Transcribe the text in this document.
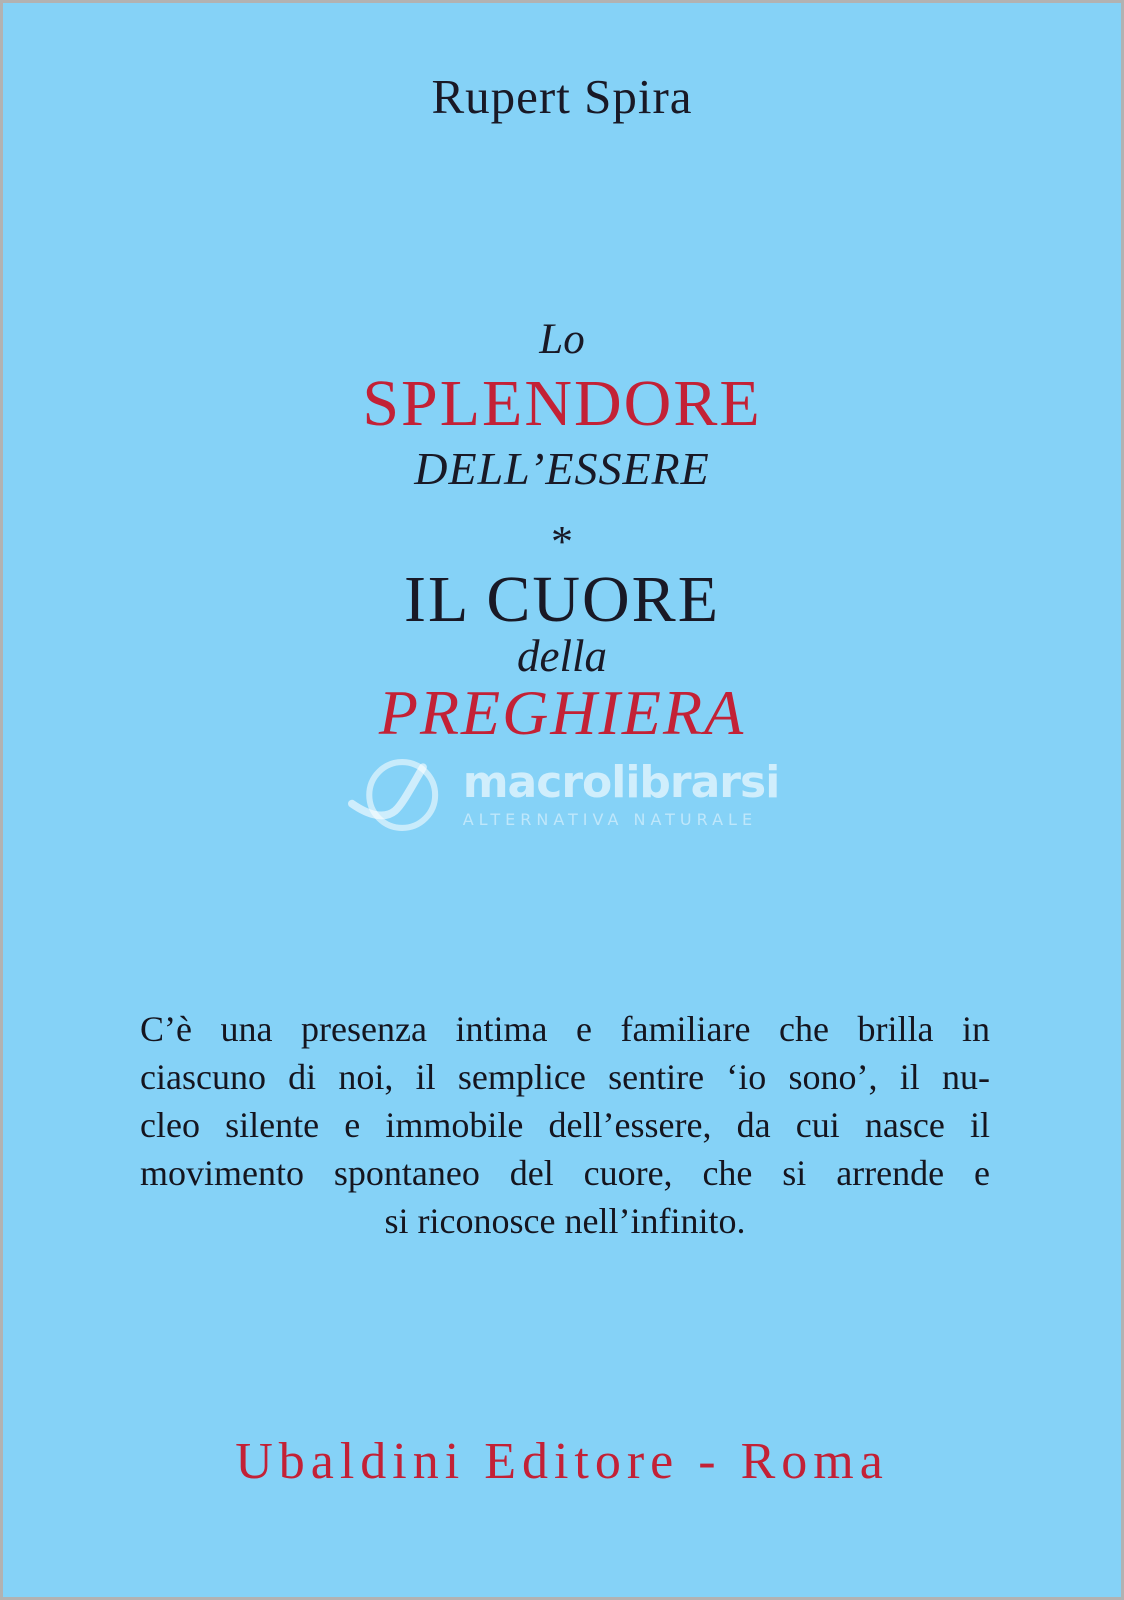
Rupert Spira
Lo
SPLENDORE
DELL’ESSERE
*
IL CUORE
della
PREGHIERA
macrolibrarsi
ALTERNATIVA NATURALE
C’è una presenza intima e familiare che brilla in
ciascuno di noi, il semplice sentire ‘io sono’, il nu-
cleo silente e immobile dell’essere, da cui nasce il
movimento spontaneo del cuore, che si arrende e
si riconosce nell’infinito.
Ubaldini Editore - Roma
